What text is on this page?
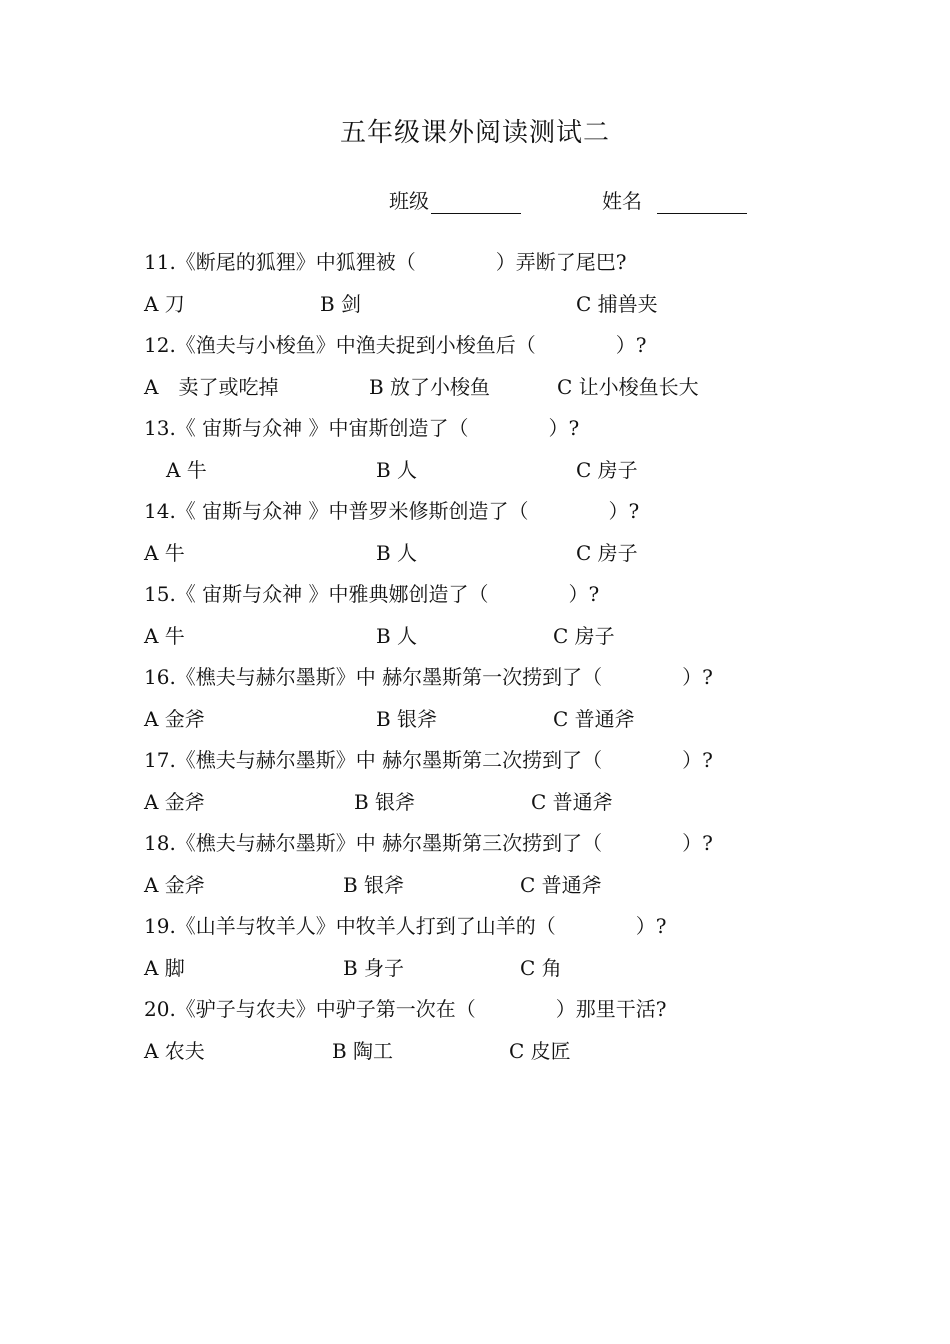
五年级课外阅读测试二
班级	姓名
11.《断尾的狐狸》中狐狸被（　　　　）弄断了尾巴?
A 刀	B 剑	C 捕兽夹
12.《渔夫与小梭鱼》中渔夫捉到小梭鱼后（　　　　）?
A　卖了或吃掉	B 放了小梭鱼	C 让小梭鱼长大
13.《 宙斯与众神 》中宙斯创造了（　　　　）?
A 牛	B 人	C 房子
14.《 宙斯与众神 》中普罗米修斯创造了（　　　　）?
A 牛	B 人	C 房子
15.《 宙斯与众神 》中雅典娜创造了（　　　　）?
A 牛	B 人	C 房子
16.《樵夫与赫尔墨斯》中 赫尔墨斯第一次捞到了（　　　　）?
A 金斧	B 银斧	C 普通斧
17.《樵夫与赫尔墨斯》中 赫尔墨斯第二次捞到了（　　　　）?
A 金斧	B 银斧	C 普通斧
18.《樵夫与赫尔墨斯》中 赫尔墨斯第三次捞到了（　　　　）?
A 金斧	B 银斧	C 普通斧
19.《山羊与牧羊人》中牧羊人打到了山羊的（　　　　）?
A 脚	B 身子	C 角
20.《驴子与农夫》中驴子第一次在（　　　　）那里干活?
A 农夫	B 陶工	C 皮匠
